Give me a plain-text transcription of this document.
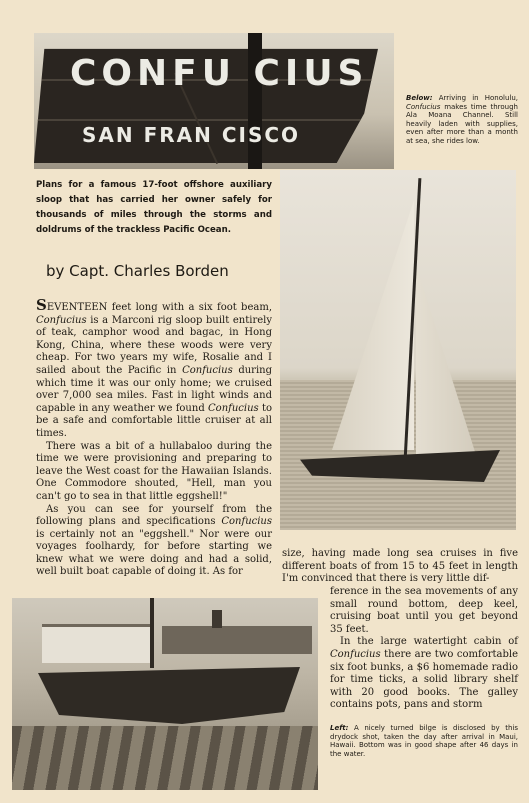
CONFU CIUS
SAN FRAN CISCO
Below: Arriving in Honolulu, Confucius makes time through Ala Moana Channel. Still heavily laden with supplies, even after more than a month at sea, she rides low.
Plans for a famous 17-foot offshore auxiliary sloop that has carried her owner safely for thousands of miles through the storms and doldrums of the trackless Pacific Ocean.
by Capt. Charles Borden

SEVENTEEN feet long with a six foot beam, Confucius is a Marconi rig sloop built entirely of teak, camphor wood and bagac, in Hong Kong, China, where these woods were very cheap. For two years my wife, Rosalie and I sailed about the Pacific in Confucius during which time it was our only home; we cruised over 7,000 sea miles. Fast in light winds and capable in any weather we found Confucius to be a safe and comfortable little cruiser at all times.

There was a bit of a hullabaloo during the time we were provisioning and preparing to leave the West coast for the Hawaiian Islands. One Commodore shouted, "Hell, man you can't go to sea in that little eggshell!"

As you can see for yourself from the following plans and specifications Confucius is certainly not an "eggshell." Nor were our voyages foolhardy, for before starting we knew what we were doing and had a solid, well built boat capable of doing it. As for

size, having made long sea cruises in five different boats of from 15 to 45 feet in length I'm convinced that there is very little dif-

ference in the sea movements of any small round bottom, deep keel, cruising boat until you get beyond 35 feet.

In the large watertight cabin of Confucius there are two comfortable six foot bunks, a $6 homemade radio for time ticks, a solid library shelf with 20 good books. The galley contains pots, pans and storm

Left: A nicely turned bilge is disclosed by this drydock shot, taken the day after arrival in Maui, Hawaii. Bottom was in good shape after 46 days in the water.
